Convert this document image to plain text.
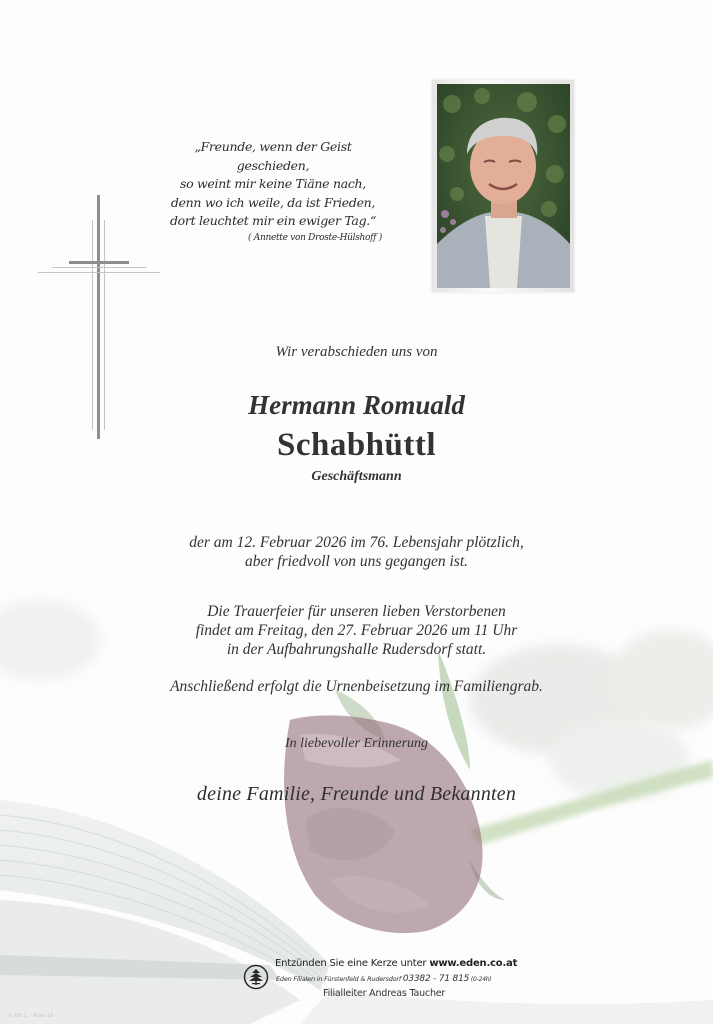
„Freunde, wenn der Geist geschieden,
so weint mir keine Tiäne nach,
denn wo ich weile, da ist Frieden,
dort leuchtet mir ein ewiger Tag.“
( Annette von Droste-Hülshoff )
Wir verabschieden uns von
Hermann Romuald
Schabhüttl
Geschäftsmann
der am 12. Februar 2026 im 76. Lebensjahr plötzlich,
aber friedvoll von uns gegangen ist.
Die Trauerfeier für unseren lieben Verstorbenen
findet am Freitag, den 27. Februar 2026 um 11 Uhr
in der Aufbahrungshalle Rudersdorf statt.
Anschließend erfolgt die Urnenbeisetzung im Familiengrab.
In liebevoller Erinnerung
deine Familie, Freunde und Bekannten
Entzünden Sie eine Kerze unter www.eden.co.at
Eden Filialen in Fürstenfeld & Rudersdorf 03382 - 71 815 (0-24h)
Filialleiter Andreas Taucher
© Ed. L. - Rose 10
